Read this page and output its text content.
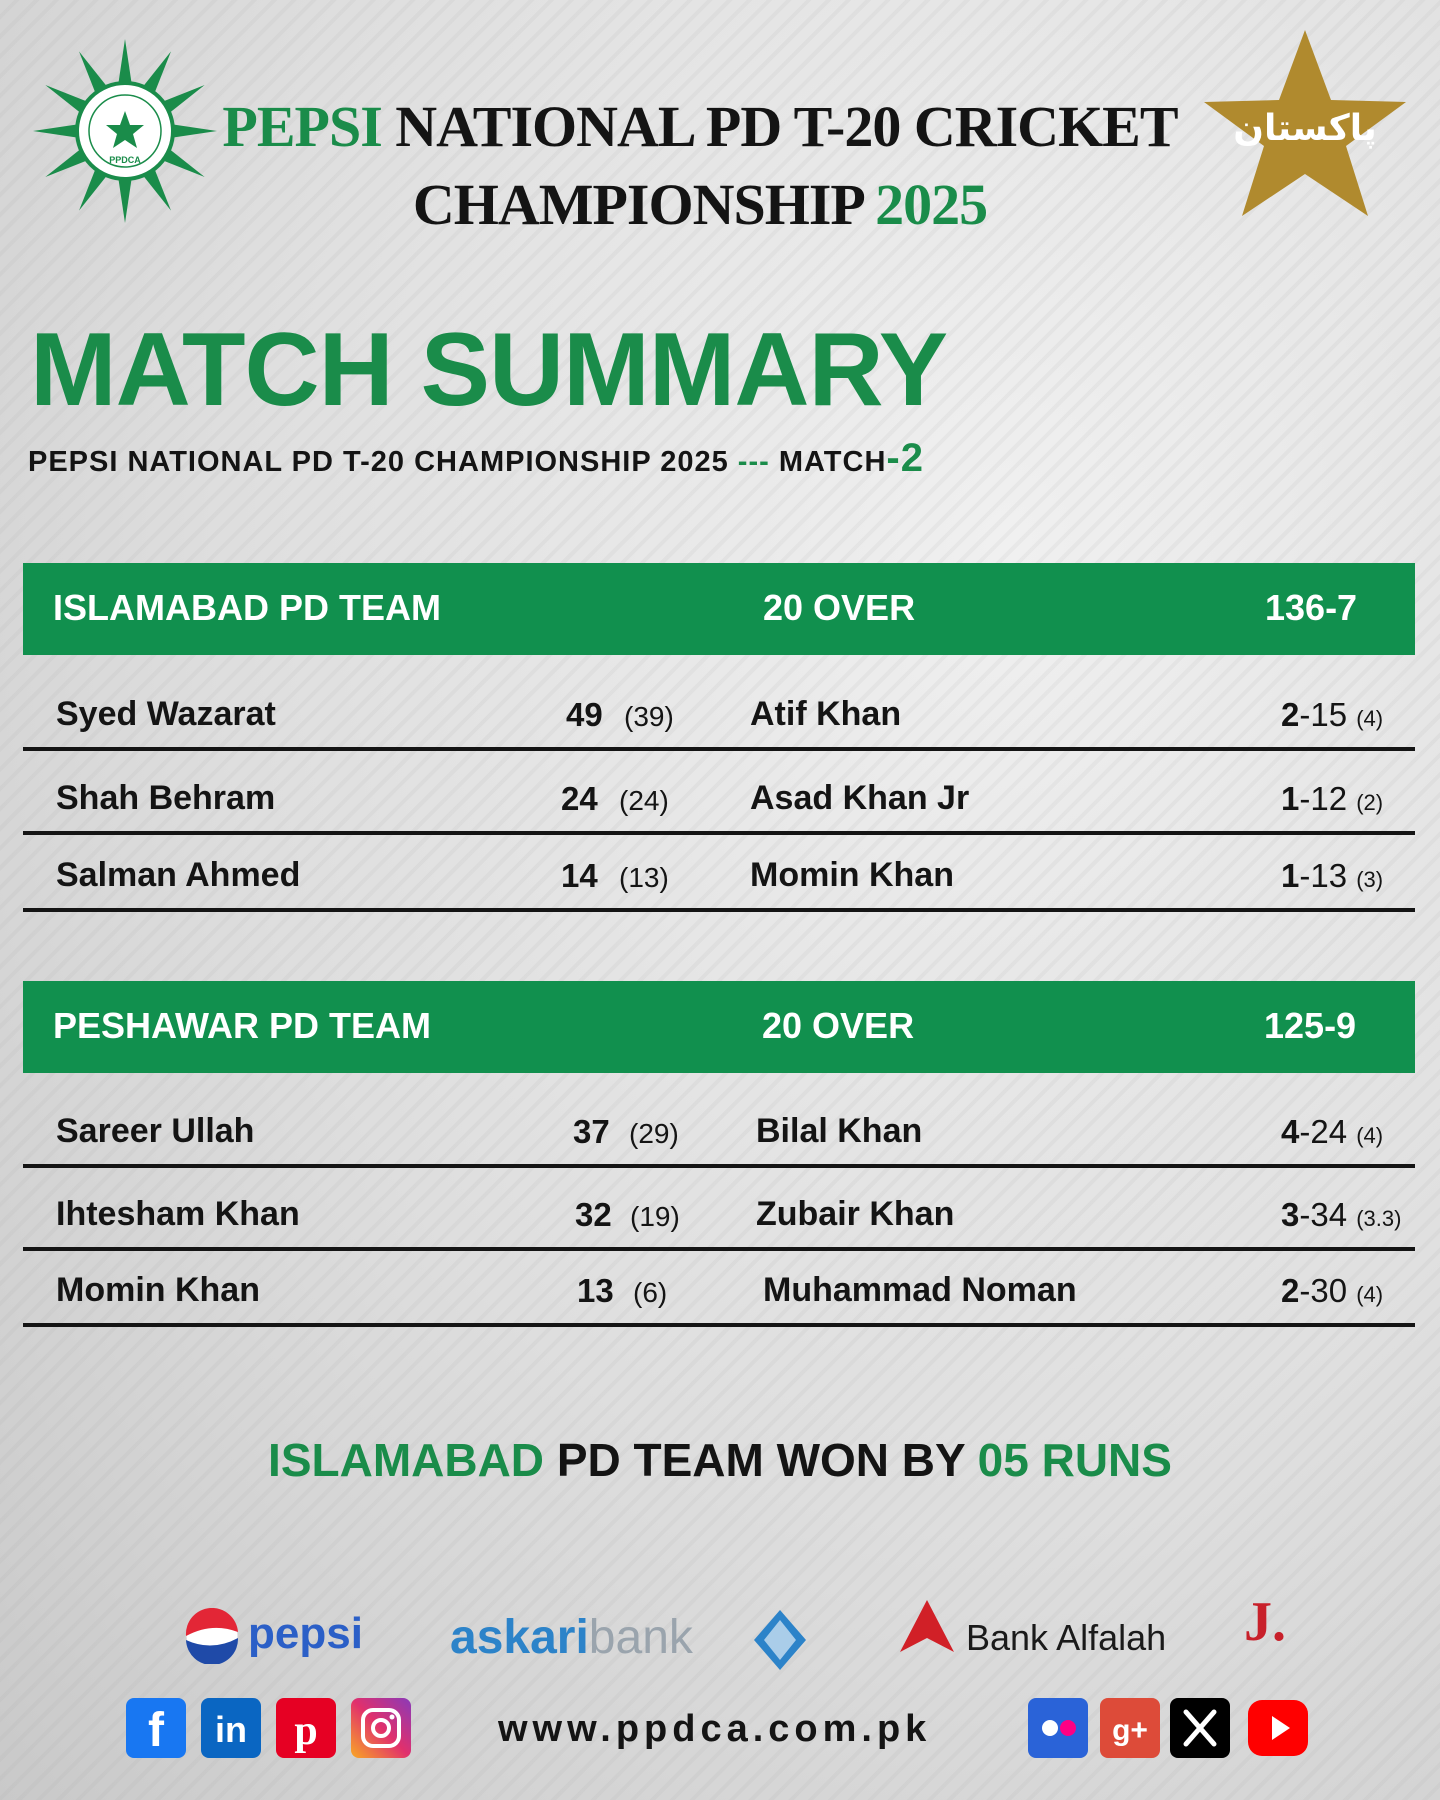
PPDCA
پاکستان
PEPSI NATIONAL PD T-20 CRICKET
CHAMPIONSHIP 2025
MATCH SUMMARY
PEPSI NATIONAL PD T-20 CHAMPIONSHIP 2025 --- MATCH-2
ISLAMABAD PD TEAM	20 OVER	136-7
Syed Wazarat	49 (39) Atif Khan	2-15 (4)
Shah Behram	24 (24) Asad Khan Jr	1-12 (2)
Salman Ahmed	14 (13) Momin Khan	1-13 (3)
PESHAWAR PD TEAM	20 OVER	125-9
Sareer Ullah	37 (29) Bilal Khan	4-24 (4)
Ihtesham Khan	32 (19) Zubair Khan	3-34 (3.3)
Momin Khan	13 (6)	Muhammad Noman	2-30 (4)
ISLAMABAD PD TEAM WON BY 05 RUNS
pepsi askaribank	Bank Alfalah J.
f in p	g+
www.ppdca.com.pk
